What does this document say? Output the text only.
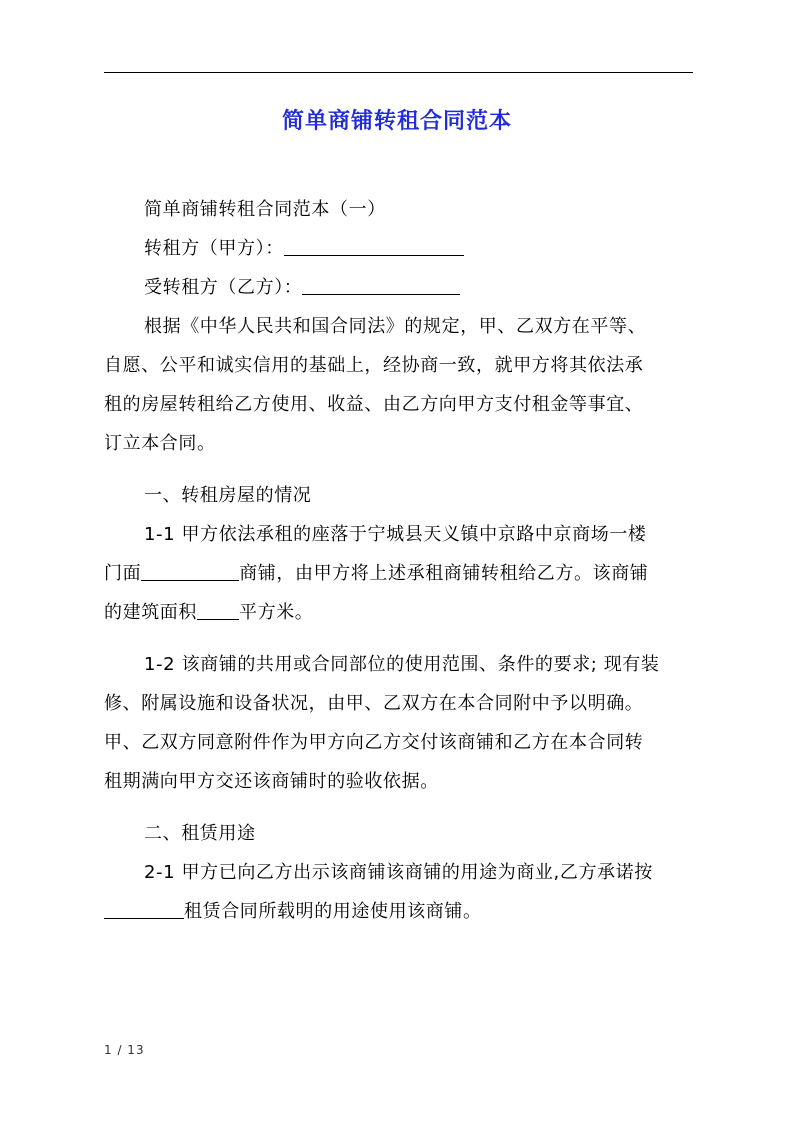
简单商铺转租合同范本
简单商铺转租合同范本（一）
转租方（甲方）：
受转租方（乙方）：
根据《中华人民共和国合同法》的规定，甲、乙双方在平等、
自愿、公平和诚实信用的基础上，经协商一致，就甲方将其依法承
租的房屋转租给乙方使用、收益、由乙方向甲方支付租金等事宜、
订立本合同。
一、转租房屋的情况
1-1 甲方依法承租的座落于宁城县天义镇中京路中京商场一楼
门面	商铺，由甲方将上述承租商铺转租给乙方。该商铺
的建筑面积 平方米。
1-2 该商铺的共用或合同部位的使用范围、条件的要求; 现有装
修、附属设施和设备状况，由甲、乙双方在本合同附中予以明确。
甲、乙双方同意附件作为甲方向乙方交付该商铺和乙方在本合同转
租期满向甲方交还该商铺时的验收依据。
二、租赁用途
2-1 甲方已向乙方出示该商铺该商铺的用途为商业,乙方承诺按
租赁合同所载明的用途使用该商铺。
1 / 13
